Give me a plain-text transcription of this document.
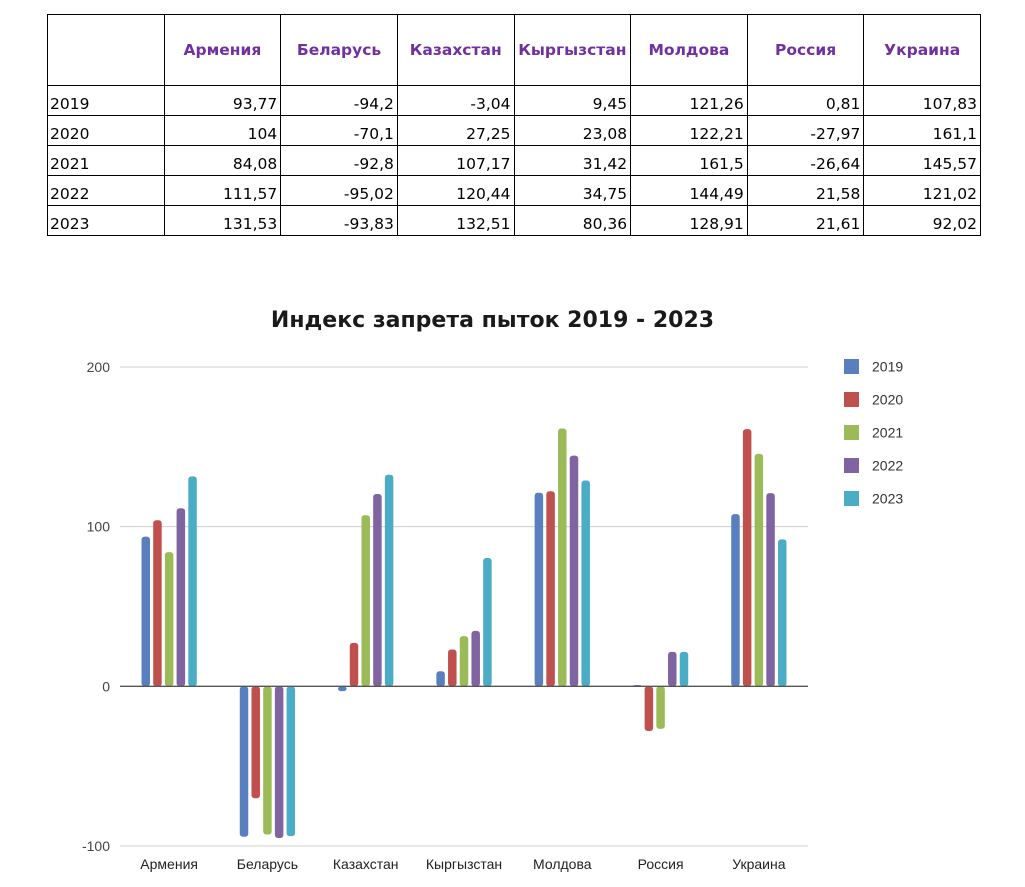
	Армения	Беларусь	Казахстан	Кыргызстан	Молдова	Россия	Украина
2019	93,77	-94,2	-3,04	9,45	121,26	0,81	107,83
2020	104	-70,1	27,25	23,08	122,21	-27,97	161,1
2021	84,08	-92,8	107,17	31,42	161,5	-26,64	145,57
2022	111,57	-95,02	120,44	34,75	144,49	21,58	121,02
2023	131,53	-93,83	132,51	80,36	128,91	21,61	92,02
Индекс запрета пыток 2019 - 2023
200
100
0
-100
Армения	Беларусь Казахстан Кыргызстан Молдова	Россия	Украина
2019
2020
2021
2022
2023
